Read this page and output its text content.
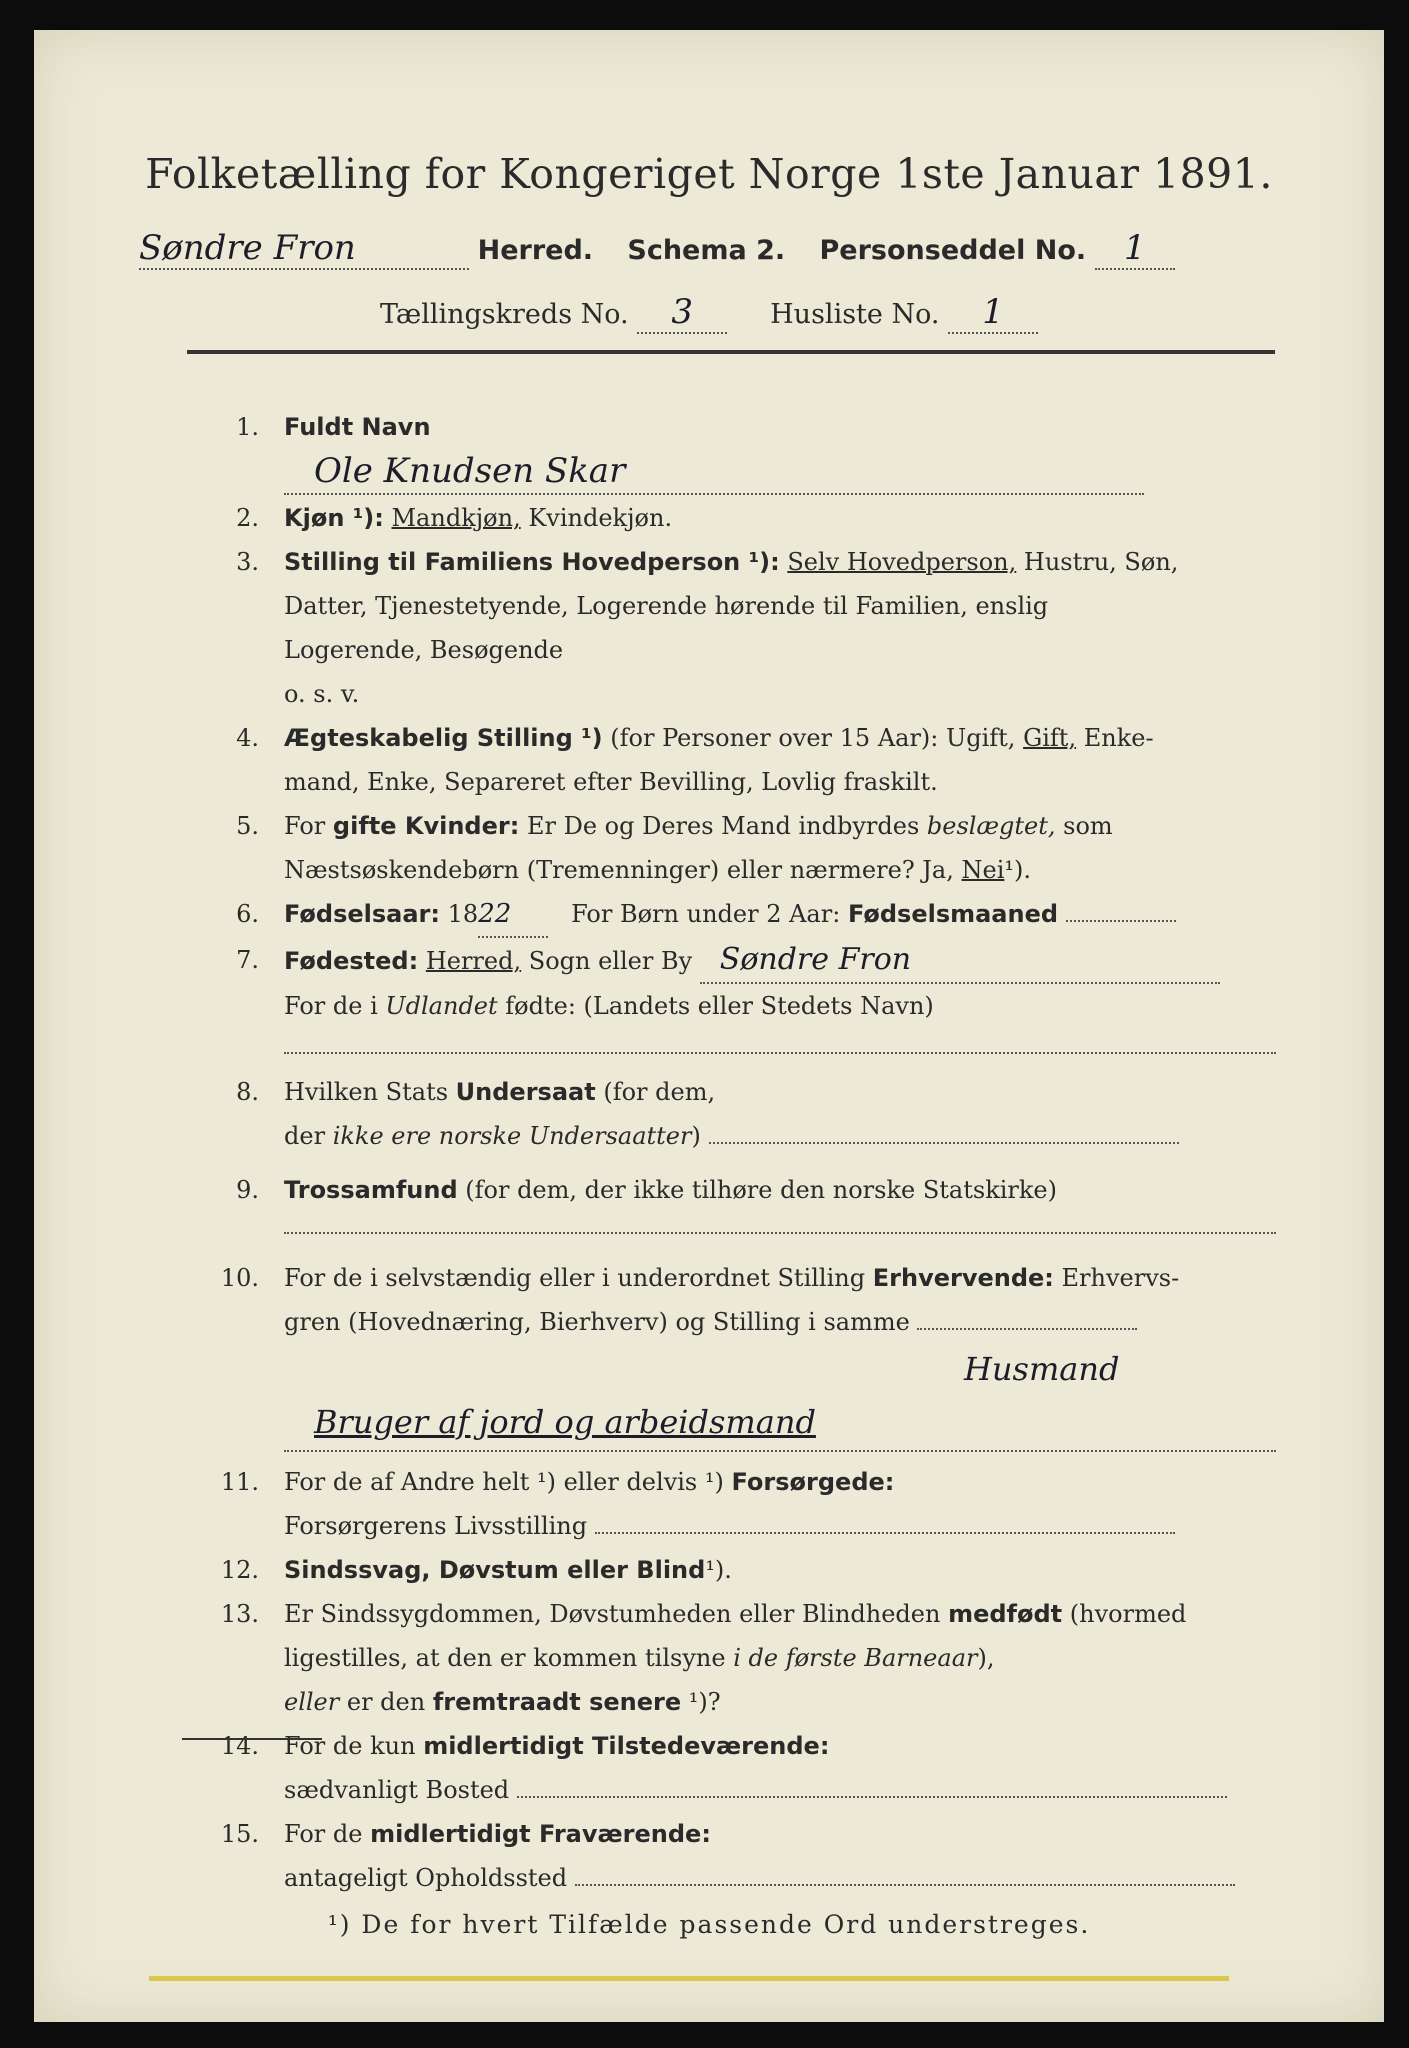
Folketælling for Kongeriget Norge 1ste Januar 1891.
Søndre Fron	Herred. Schema 2. Personseddel No. 1
Tællingskreds No. 3	Husliste No. 1
1. Fuldt Navn Ole Knudsen Skar
2. Kjøn ¹): Mandkjøn, Kvindekjøn.
3. Stilling til Familiens Hovedperson ¹): Selv Hovedperson, Hustru, Søn,
Datter, Tjenestetyende, Logerende hørende til Familien, enslig
Logerende, Besøgende
o. s. v.
4. Ægteskabelig Stilling ¹) (for Personer over 15 Aar): Ugift, Gift, Enke-
mand, Enke, Separeret efter Bevilling, Lovlig fraskilt.
5. For gifte Kvinder: Er De og Deres Mand indbyrdes beslægtet, som
Næstsøskendebørn (Tremenninger) eller nærmere? Ja, Nei¹).
6. Fødselsaar: 1822 For Børn under 2 Aar: Fødselsmaaned
7. Fødested: Herred, Sogn eller By Søndre Fron
For de i Udlandet fødte: (Landets eller Stedets Navn)
8. Hvilken Stats Undersaat (for dem,
der ikke ere norske Undersaatter)
9. Trossamfund (for dem, der ikke tilhøre den norske Statskirke)
10. For de i selvstændig eller i underordnet Stilling Erhvervende: Erhvervs-
gren (Hovednæring, Bierhverv) og Stilling i samme
Husmand
Bruger af jord og arbeidsmand
11. For de af Andre helt ¹) eller delvis ¹) Forsørgede:
Forsørgerens Livsstilling
12. Sindssvag, Døvstum eller Blind¹).
13. Er Sindssygdommen, Døvstumheden eller Blindheden medfødt (hvormed
ligestilles, at den er kommen tilsyne i de første Barneaar),
eller er den fremtraadt senere ¹)?
14. For de kun midlertidigt Tilstedeværende:
sædvanligt Bosted
15. For de midlertidigt Fraværende:
antageligt Opholdssted
¹) De for hvert Tilfælde passende Ord understreges.
